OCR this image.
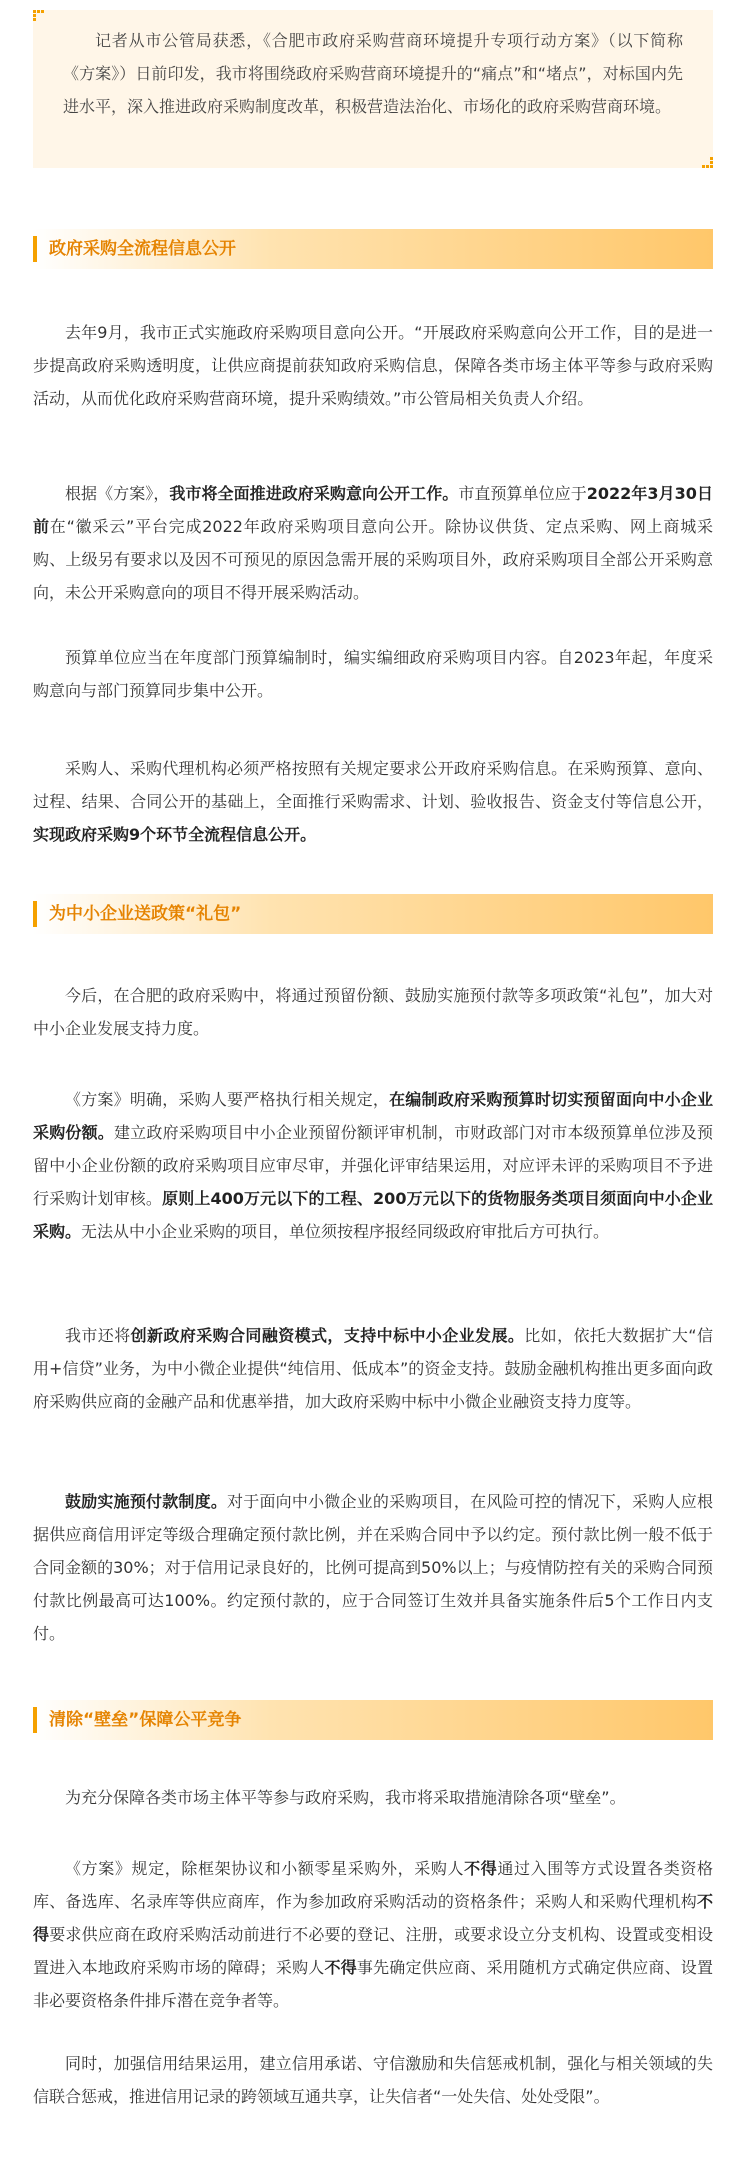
记者从市公管局获悉，《合肥市政府采购营商环境提升专项行动方案》（以下简称《方案》）日前印发，我市将围绕政府采购营商环境提升的“痛点”和“堵点”，对标国内先进水平，深入推进政府采购制度改革，积极营造法治化、市场化的政府采购营商环境。

政府采购全流程信息公开

去年9月，我市正式实施政府采购项目意向公开。“开展政府采购意向公开工作，目的是进一步提高政府采购透明度，让供应商提前获知政府采购信息，保障各类市场主体平等参与政府采购活动，从而优化政府采购营商环境，提升采购绩效。”市公管局相关负责人介绍。

根据《方案》，我市将全面推进政府采购意向公开工作。市直预算单位应于2022年3月30日前在“徽采云”平台完成2022年政府采购项目意向公开。除协议供货、定点采购、网上商城采购、上级另有要求以及因不可预见的原因急需开展的采购项目外，政府采购项目全部公开采购意向，未公开采购意向的项目不得开展采购活动。

预算单位应当在年度部门预算编制时，编实编细政府采购项目内容。自2023年起，年度采购意向与部门预算同步集中公开。

采购人、采购代理机构必须严格按照有关规定要求公开政府采购信息。在采购预算、意向、过程、结果、合同公开的基础上，全面推行采购需求、计划、验收报告、资金支付等信息公开，实现政府采购9个环节全流程信息公开。

为中小企业送政策“礼包”

今后，在合肥的政府采购中，将通过预留份额、鼓励实施预付款等多项政策“礼包”，加大对中小企业发展支持力度。

《方案》明确，采购人要严格执行相关规定，在编制政府采购预算时切实预留面向中小企业采购份额。建立政府采购项目中小企业预留份额评审机制，市财政部门对市本级预算单位涉及预留中小企业份额的政府采购项目应审尽审，并强化评审结果运用，对应评未评的采购项目不予进行采购计划审核。原则上400万元以下的工程、200万元以下的货物服务类项目须面向中小企业采购。无法从中小企业采购的项目，单位须按程序报经同级政府审批后方可执行。

我市还将创新政府采购合同融资模式，支持中标中小企业发展。比如，依托大数据扩大“信用+信贷”业务，为中小微企业提供“纯信用、低成本”的资金支持。鼓励金融机构推出更多面向政府采购供应商的金融产品和优惠举措，加大政府采购中标中小微企业融资支持力度等。

鼓励实施预付款制度。对于面向中小微企业的采购项目，在风险可控的情况下，采购人应根据供应商信用评定等级合理确定预付款比例，并在采购合同中予以约定。预付款比例一般不低于合同金额的30%；对于信用记录良好的，比例可提高到50%以上；与疫情防控有关的采购合同预付款比例最高可达100%。约定预付款的，应于合同签订生效并具备实施条件后5个工作日内支付。

清除“壁垒”保障公平竞争

为充分保障各类市场主体平等参与政府采购，我市将采取措施清除各项“壁垒”。

《方案》规定，除框架协议和小额零星采购外，采购人不得通过入围等方式设置各类资格库、备选库、名录库等供应商库，作为参加政府采购活动的资格条件；采购人和采购代理机构不得要求供应商在政府采购活动前进行不必要的登记、注册，或要求设立分支机构、设置或变相设置进入本地政府采购市场的障碍；采购人不得事先确定供应商、采用随机方式确定供应商、设置非必要资格条件排斥潜在竞争者等。

同时，加强信用结果运用，建立信用承诺、守信激励和失信惩戒机制，强化与相关领域的失信联合惩戒，推进信用记录的跨领域互通共享，让失信者“一处失信、处处受限”。
